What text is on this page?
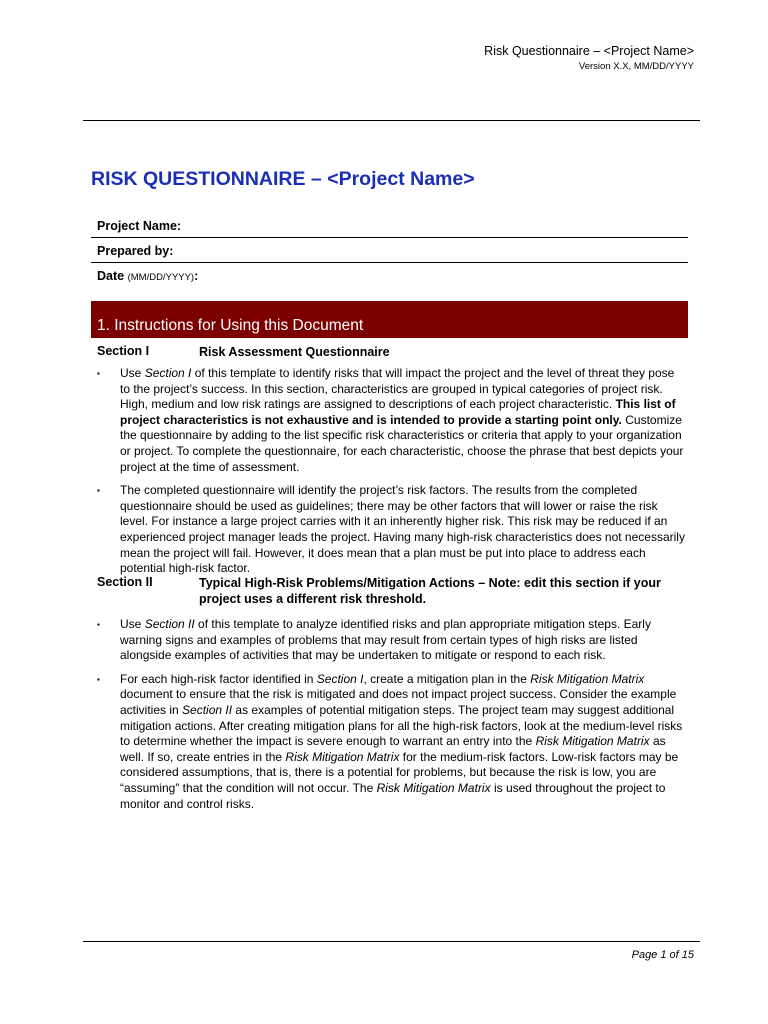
Risk Questionnaire – <Project Name>
Version X.X, MM/DD/YYYY
RISK QUESTIONNAIRE – <Project Name>
Project Name:
Prepared by:
Date (MM/DD/YYYY):
1. Instructions for Using this Document
Section I	Risk Assessment Questionnaire
▪ Use Section I of this template to identify risks that will impact the project and the level of threat they pose to the project’s success. In this section, characteristics are grouped in typical categories of project risk. High, medium and low risk ratings are assigned to descriptions of each project characteristic. This list of project characteristics is not exhaustive and is intended to provide a starting point only. Customize the questionnaire by adding to the list specific risk characteristics or criteria that apply to your organization or project. To complete the questionnaire, for each characteristic, choose the phrase that best depicts your project at the time of assessment.
▪ The completed questionnaire will identify the project’s risk factors. The results from the completed questionnaire should be used as guidelines; there may be other factors that will lower or raise the risk level. For instance a large project carries with it an inherently higher risk. This risk may be reduced if an experienced project manager leads the project. Having many high-risk characteristics does not necessarily mean the project will fail. However, it does mean that a plan must be put into place to address each potential high-risk factor.
Section II	Typical High-Risk Problems/Mitigation Actions – Note: edit this section if your project uses a different risk threshold.
▪ Use Section II of this template to analyze identified risks and plan appropriate mitigation steps. Early warning signs and examples of problems that may result from certain types of high risks are listed alongside examples of activities that may be undertaken to mitigate or respond to each risk.
▪ For each high-risk factor identified in Section I, create a mitigation plan in the Risk Mitigation Matrix document to ensure that the risk is mitigated and does not impact project success. Consider the example activities in Section II as examples of potential mitigation steps. The project team may suggest additional mitigation actions. After creating mitigation plans for all the high-risk factors, look at the medium-level risks to determine whether the impact is severe enough to warrant an entry into the Risk Mitigation Matrix as well. If so, create entries in the Risk Mitigation Matrix for the medium-risk factors. Low-risk factors may be considered assumptions, that is, there is a potential for problems, but because the risk is low, you are “assuming” that the condition will not occur. The Risk Mitigation Matrix is used throughout the project to monitor and control risks.
Page 1 of 15
